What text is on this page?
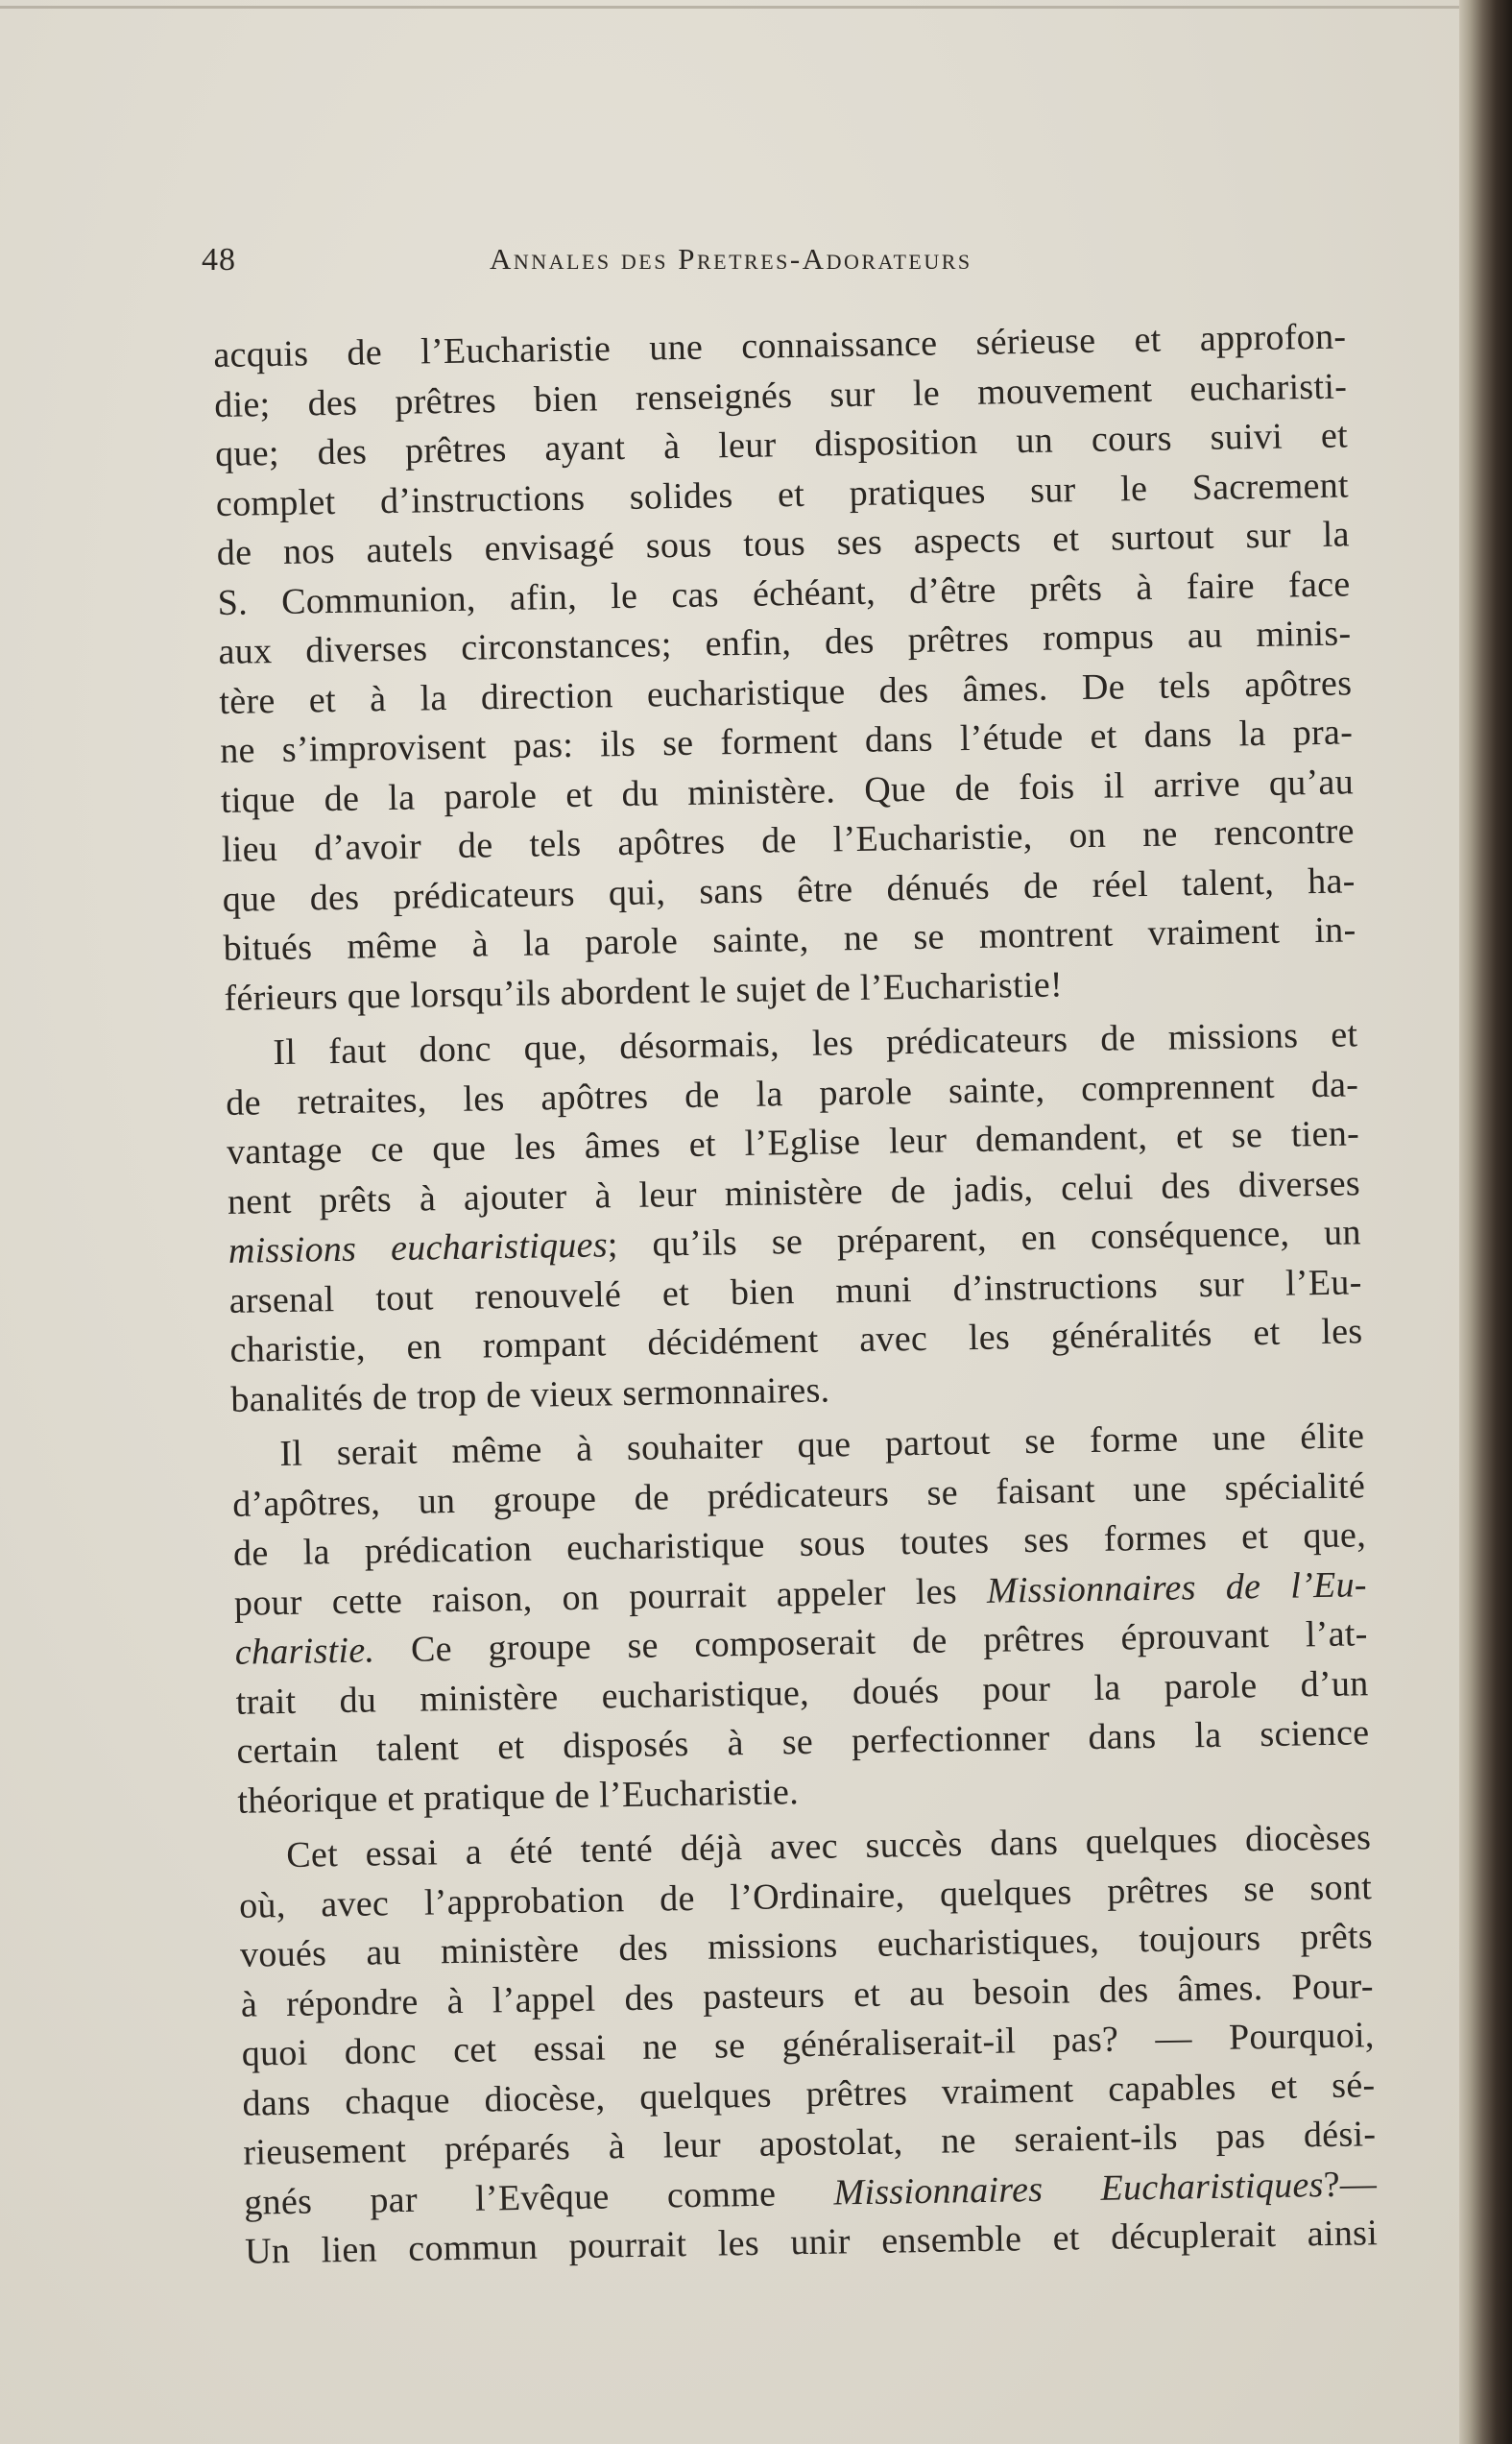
48	Annales des Pretres-Adorateurs
acquis de l’Eucharistie une connaissance sérieuse et approfon-
die; des prêtres bien renseignés sur le mouvement eucharisti-
que; des prêtres ayant à leur disposition un cours suivi et
complet d’instructions solides et pratiques sur le Sacrement
de nos autels envisagé sous tous ses aspects et surtout sur la
S. Communion, afin, le cas échéant, d’être prêts à faire face
aux diverses circonstances; enfin, des prêtres rompus au minis-
tère et à la direction eucharistique des âmes. De tels apôtres
ne s’improvisent pas: ils se forment dans l’étude et dans la pra-
tique de la parole et du ministère. Que de fois il arrive qu’au
lieu d’avoir de tels apôtres de l’Eucharistie, on ne rencontre
que des prédicateurs qui, sans être dénués de réel talent, ha-
bitués même à la parole sainte, ne se montrent vraiment in-
férieurs que lorsqu’ils abordent le sujet de l’Eucharistie!
Il faut donc que, désormais, les prédicateurs de missions et
de retraites, les apôtres de la parole sainte, comprennent da-
vantage ce que les âmes et l’Eglise leur demandent, et se tien-
nent prêts à ajouter à leur ministère de jadis, celui des diverses
missions eucharistiques; qu’ils se préparent, en conséquence, un
arsenal tout renouvelé et bien muni d’instructions sur l’Eu-
charistie, en rompant décidément avec les généralités et les
banalités de trop de vieux sermonnaires.
Il serait même à souhaiter que partout se forme une élite
d’apôtres, un groupe de prédicateurs se faisant une spécialité
de la prédication eucharistique sous toutes ses formes et que,
pour cette raison, on pourrait appeler les Missionnaires de l’Eu-
charistie. Ce groupe se composerait de prêtres éprouvant l’at-
trait du ministère eucharistique, doués pour la parole d’un
certain talent et disposés à se perfectionner dans la science
théorique et pratique de l’Eucharistie.
Cet essai a été tenté déjà avec succès dans quelques diocèses
où, avec l’approbation de l’Ordinaire, quelques prêtres se sont
voués au ministère des missions eucharistiques, toujours prêts
à répondre à l’appel des pasteurs et au besoin des âmes. Pour-
quoi donc cet essai ne se généraliserait-il pas? — Pourquoi,
dans chaque diocèse, quelques prêtres vraiment capables et sé-
rieusement préparés à leur apostolat, ne seraient-ils pas dési-
gnés par l’Evêque comme Missionnaires Eucharistiques?—
Un lien commun pourrait les unir ensemble et décuplerait ainsi
